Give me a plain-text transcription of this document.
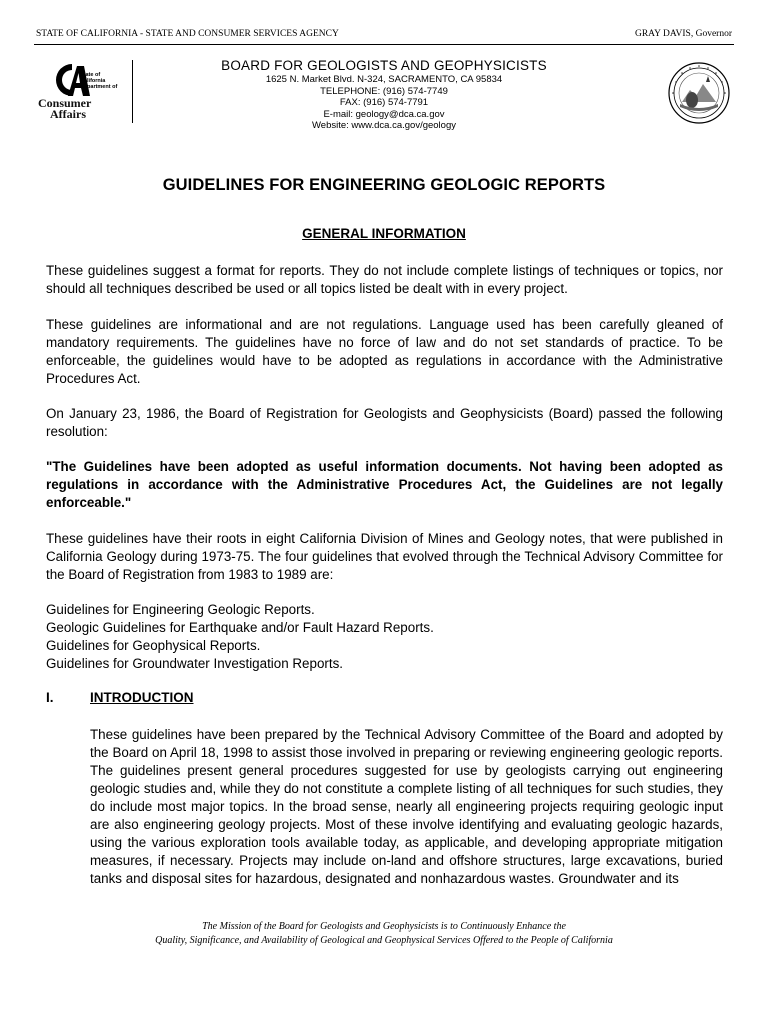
STATE OF CALIFORNIA - STATE AND CONSUMER SERVICES AGENCY	GRAY DAVIS, Governor
State of
California
Department of
Consumer
Affairs
BOARD FOR GEOLOGISTS AND GEOPHYSICISTS
1625 N. Market Blvd. N-324, SACRAMENTO, CA 95834
TELEPHONE: (916) 574-7749
FAX: (916) 574-7791
E-mail: geology@dca.ca.gov
Website: www.dca.ca.gov/geology
GUIDELINES FOR ENGINEERING GEOLOGIC REPORTS
GENERAL INFORMATION

These guidelines suggest a format for reports. They do not include complete listings of techniques or topics, nor should all techniques described be used or all topics listed be dealt with in every project.

These guidelines are informational and are not regulations. Language used has been carefully gleaned of mandatory requirements. The guidelines have no force of law and do not set standards of practice. To be enforceable, the guidelines would have to be adopted as regulations in accordance with the Administrative Procedures Act.

On January 23, 1986, the Board of Registration for Geologists and Geophysicists (Board) passed the following resolution:

"The Guidelines have been adopted as useful information documents. Not having been adopted as regulations in accordance with the Administrative Procedures Act, the Guidelines are not legally enforceable."

These guidelines have their roots in eight California Division of Mines and Geology notes, that were published in California Geology during 1973-75. The four guidelines that evolved through the Technical Advisory Committee for the Board of Registration from 1983 to 1989 are:

Guidelines for Engineering Geologic Reports.
Geologic Guidelines for Earthquake and/or Fault Hazard Reports.
Guidelines for Geophysical Reports.
Guidelines for Groundwater Investigation Reports.
I.	INTRODUCTION

These guidelines have been prepared by the Technical Advisory Committee of the Board and adopted by the Board on April 18, 1998 to assist those involved in preparing or reviewing engineering geologic reports. The guidelines present general procedures suggested for use by geologists carrying out engineering geologic studies and, while they do not constitute a complete listing of all techniques for such studies, they do include most major topics. In the broad sense, nearly all engineering projects requiring geologic input are also engineering geology projects. Most of these involve identifying and evaluating geologic hazards, using the various exploration tools available today, as applicable, and developing appropriate mitigation measures, if necessary. Projects may include on-land and offshore structures, large excavations, buried tanks and disposal sites for hazardous, designated and nonhazardous wastes. Groundwater and its

The Mission of the Board for Geologists and Geophysicists is to Continuously Enhance the
Quality, Significance, and Availability of Geological and Geophysical Services Offered to the People of California
